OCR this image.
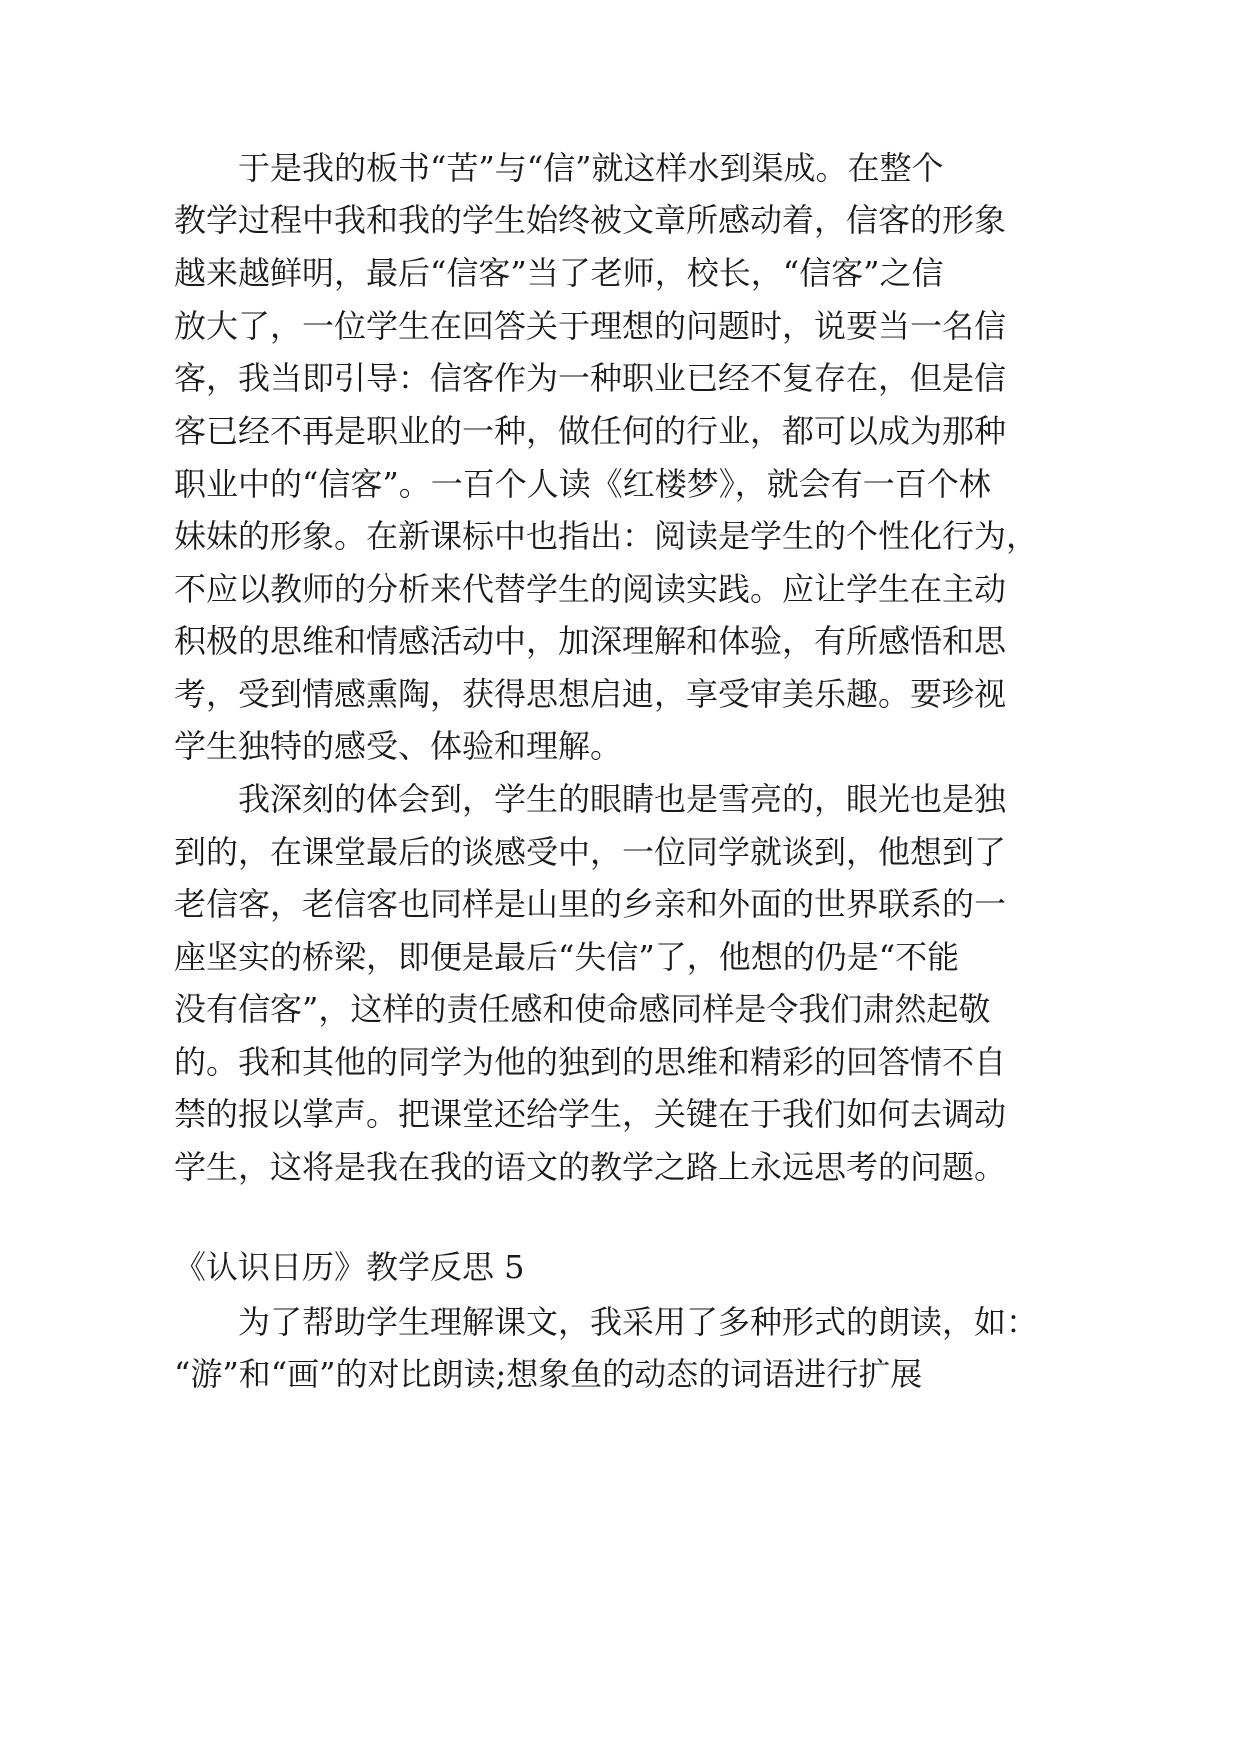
于是我的板书“苦”与“信”就这样水到渠成。在整个

教学过程中我和我的学生始终被文章所感动着，信客的形象

越来越鲜明，最后“信客”当了老师，校长，“信客”之信

放大了，一位学生在回答关于理想的问题时，说要当一名信

客，我当即引导：信客作为一种职业已经不复存在，但是信

客已经不再是职业的一种，做任何的行业，都可以成为那种

职业中的“信客”。一百个人读《红楼梦》，就会有一百个林

妹妹的形象。在新课标中也指出：阅读是学生的个性化行为，

不应以教师的分析来代替学生的阅读实践。应让学生在主动

积极的思维和情感活动中，加深理解和体验，有所感悟和思

考，受到情感熏陶，获得思想启迪，享受审美乐趣。要珍视

学生独特的感受、体验和理解。

我深刻的体会到，学生的眼睛也是雪亮的，眼光也是独

到的，在课堂最后的谈感受中，一位同学就谈到，他想到了

老信客，老信客也同样是山里的乡亲和外面的世界联系的一

座坚实的桥梁，即便是最后“失信”了，他想的仍是“不能

没有信客”，这样的责任感和使命感同样是令我们肃然起敬

的。我和其他的同学为他的独到的思维和精彩的回答情不自

禁的报以掌声。把课堂还给学生，关键在于我们如何去调动

学生，这将是我在我的语文的教学之路上永远思考的问题。

《认识日历》教学反思 5

为了帮助学生理解课文，我采用了多种形式的朗读，如：

“游”和“画”的对比朗读;想象鱼的动态的词语进行扩展
